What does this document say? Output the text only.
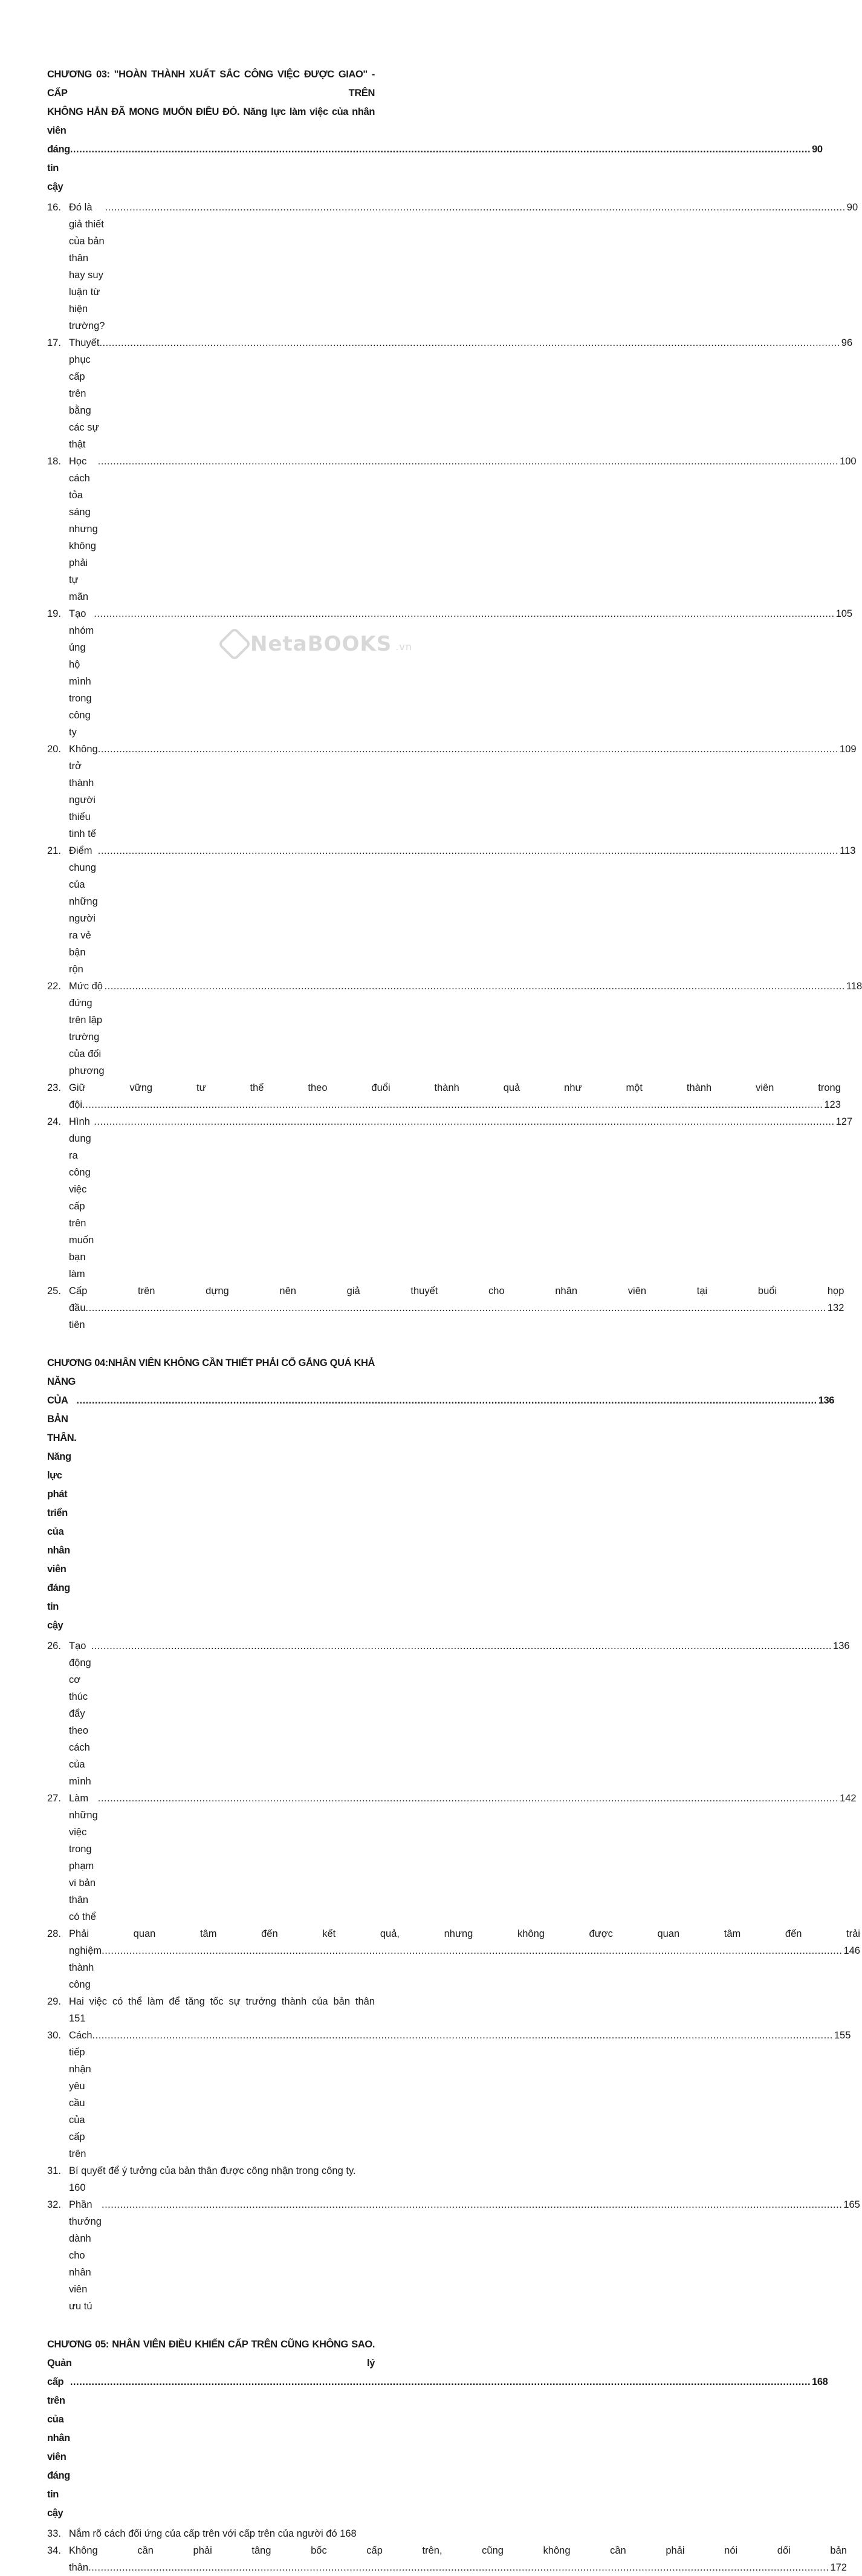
CHƯƠNG 03: "HOÀN THÀNH XUẤT SẮC CÔNG VIỆC ĐƯỢC GIAO" - CẤP TRÊN
KHÔNG HẲN ĐÃ MONG MUỐN ĐIỀU ĐÓ. Năng lực làm việc của nhân viên
đáng tin cậy
.....
90
16. Đó là giả thiết của bản thân hay suy luận từ hiện trường?
.....
90
17. Thuyết phục cấp trên bằng các sự thật
.....
96
18. Học cách tỏa sáng nhưng không phải tự mãn
.....
100
19. Tạo nhóm ủng hộ mình trong công ty
.....
105
20. Không trở thành người thiếu tinh tế
.....
109
21. Điểm chung của những người ra vẻ bận rộn
.....
113
22. Mức độ đứng trên lập trường của đối phương
.....
118
23. Giữ vững tư thế theo đuổi thành quả như một thành viên trong
đội .....	123
24. Hình dung ra công việc cấp trên muốn bạn làm
.....
127
25. Cấp trên dựng nên giả thuyết cho nhân viên tại buổi họp
đầu tiên
.....
132
CHƯƠNG 04:NHÂN VIÊN KHÔNG CẦN THIẾT PHẢI CỐ GẮNG QUÁ KHẢ NĂNG
CỦA BẢN THÂN. Năng lực phát triển của nhân viên đáng tin cậy
.....
136
26. Tạo động cơ thúc đẩy theo cách của mình
.....
136
27. Làm những việc trong phạm vi bản thân có thể
.....
142
28. Phải quan tâm đến kết quả, nhưng không được quan tâm đến trải
nghiệm thành công
.....
146
29. Hai việc có thể làm để tăng tốc sự trưởng thành của bản thân
151
30. Cách tiếp nhận yêu cầu của cấp trên
.....
155
31. Bí quyết để ý tưởng của bản thân được công nhận trong công ty. 160
32. Phần thưởng dành cho nhân viên ưu tú
.....
165
CHƯƠNG 05: NHÂN VIÊN ĐIỀU KHIỂN CẤP TRÊN CŨNG KHÔNG SAO. Quản lý
cấp trên của nhân viên đáng tin cậy
.....
168
33. Nắm rõ cách đối ứng của cấp trên với cấp trên của người đó 168
34. Không cần phải tâng bốc cấp trên, cũng không cần phải nói dối bản
thân .....	172
NetaBOOKS .vn
